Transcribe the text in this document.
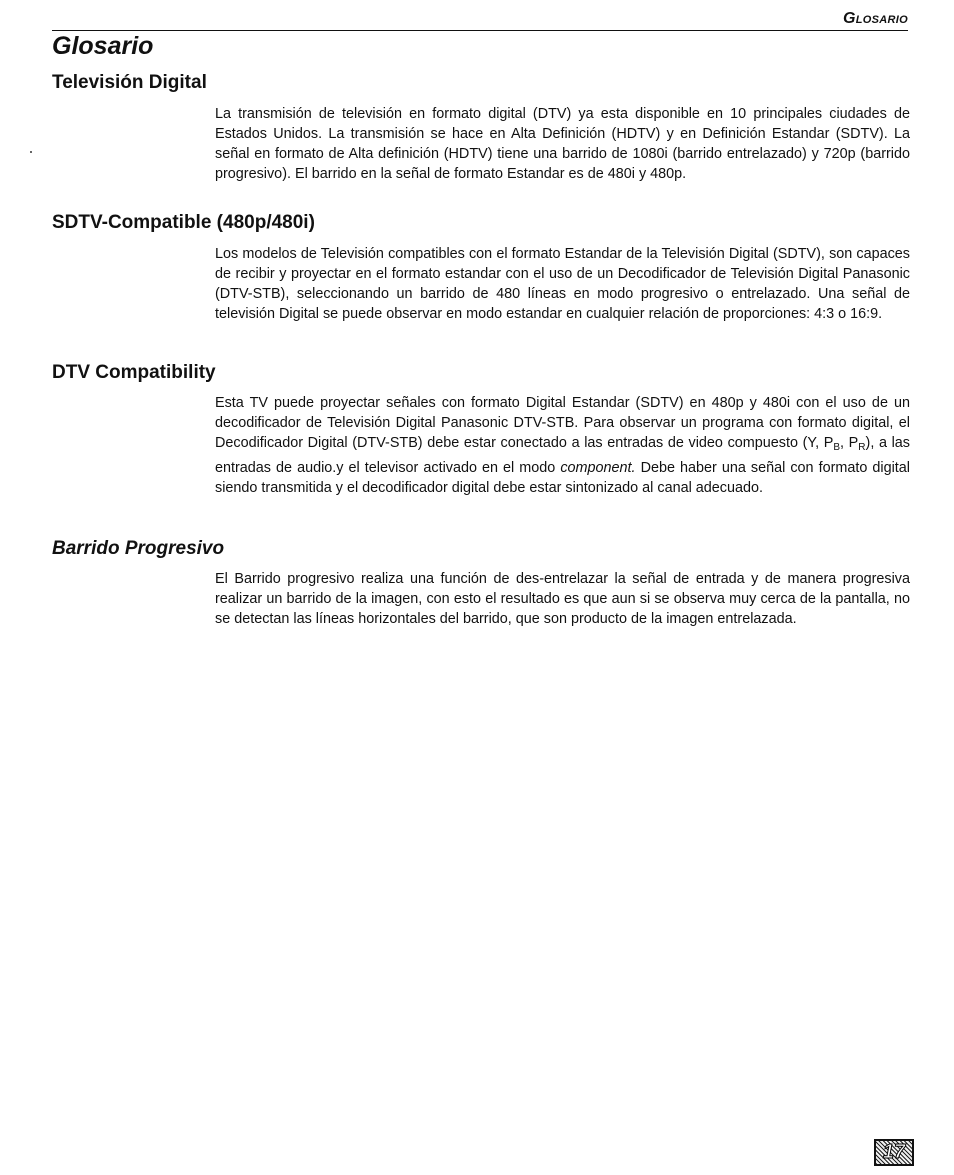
Glosario
Glosario
Televisión Digital

La transmisión de televisión en formato digital (DTV) ya esta disponible en 10 principales ciudades de Estados Unidos. La transmisión se hace en Alta Definición (HDTV) y en Definición Estandar (SDTV). La señal en formato de Alta definición (HDTV) tiene una barrido de 1080i (barrido entrelazado) y 720p (barrido progresivo). El barrido en la señal de formato Estandar es de 480i y 480p.

SDTV-Compatible (480p/480i)

Los modelos de Televisión compatibles con el formato Estandar de la Televisión Digital (SDTV), son capaces de recibir y proyectar en el formato estandar con el uso de un Decodificador de Televisión Digital Panasonic (DTV-STB), seleccionando un barrido de 480 líneas en modo progresivo o entrelazado. Una señal de televisión Digital se puede observar en modo estandar en cualquier relación de proporciones: 4:3 o 16:9.

DTV Compatibility

Esta TV puede proyectar señales con formato Digital Estandar (SDTV) en 480p y 480i con el uso de un decodificador de Televisión Digital Panasonic DTV-STB. Para observar un programa con formato digital, el Decodificador Digital (DTV-STB) debe estar conectado a las entradas de video compuesto (Y, $P_B$, $P_R$), a las entradas de audio.y el televisor activado en el modo component. Debe haber una señal con formato digital siendo transmitida y el decodificador digital debe estar sintonizado al canal adecuado.

Barrido Progresivo

El Barrido progresivo realiza una función de des-entrelazar la señal de entrada y de manera progresiva realizar un barrido de la imagen, con esto el resultado es que aun si se observa muy cerca de la pantalla, no se detectan las líneas horizontales del barrido, que son producto de la imagen entrelazada.

17
